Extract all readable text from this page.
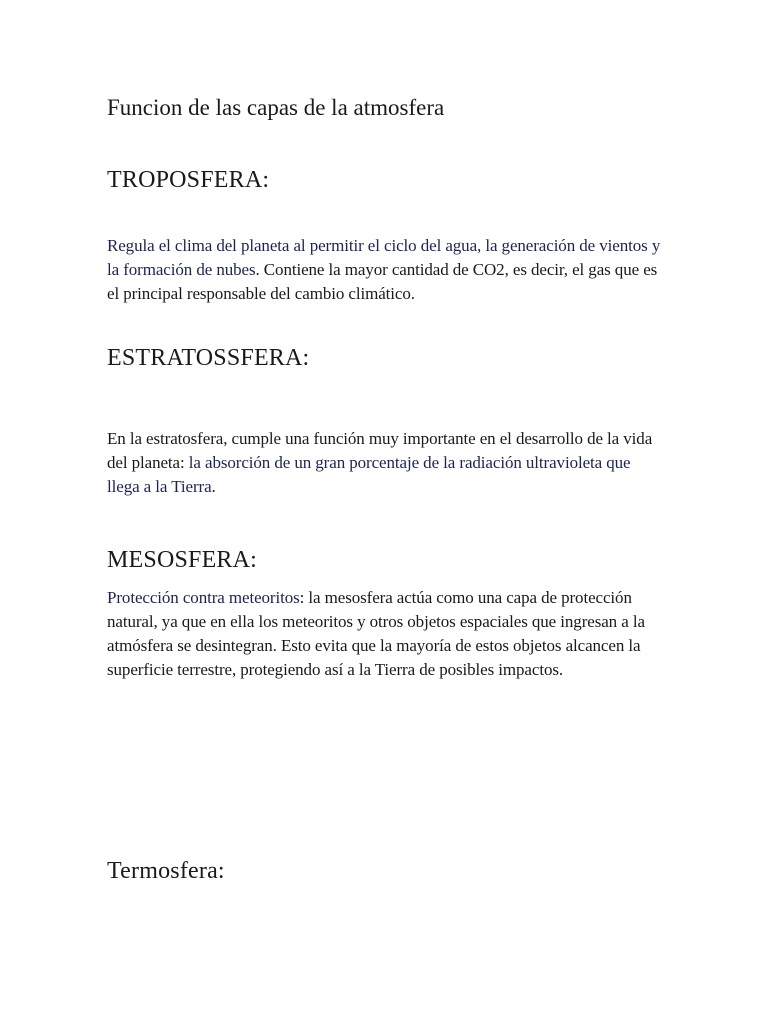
Funcion de las capas de la atmosfera
TROPOSFERA:

Regula el clima del planeta al permitir el ciclo del agua, la generación de vientos y la formación de nubes. Contiene la mayor cantidad de CO2, es decir, el gas que es el principal responsable del cambio climático.

ESTRATOSSFERA:

En la estratosfera, cumple una función muy importante en el desarrollo de la vida del planeta: la absorción de un gran porcentaje de la radiación ultravioleta que llega a la Tierra.

MESOSFERA:

Protección contra meteoritos: la mesosfera actúa como una capa de protección natural, ya que en ella los meteoritos y otros objetos espaciales que ingresan a la atmósfera se desintegran. Esto evita que la mayoría de estos objetos alcancen la superficie terrestre, protegiendo así a la Tierra de posibles impactos.

Termosfera:
